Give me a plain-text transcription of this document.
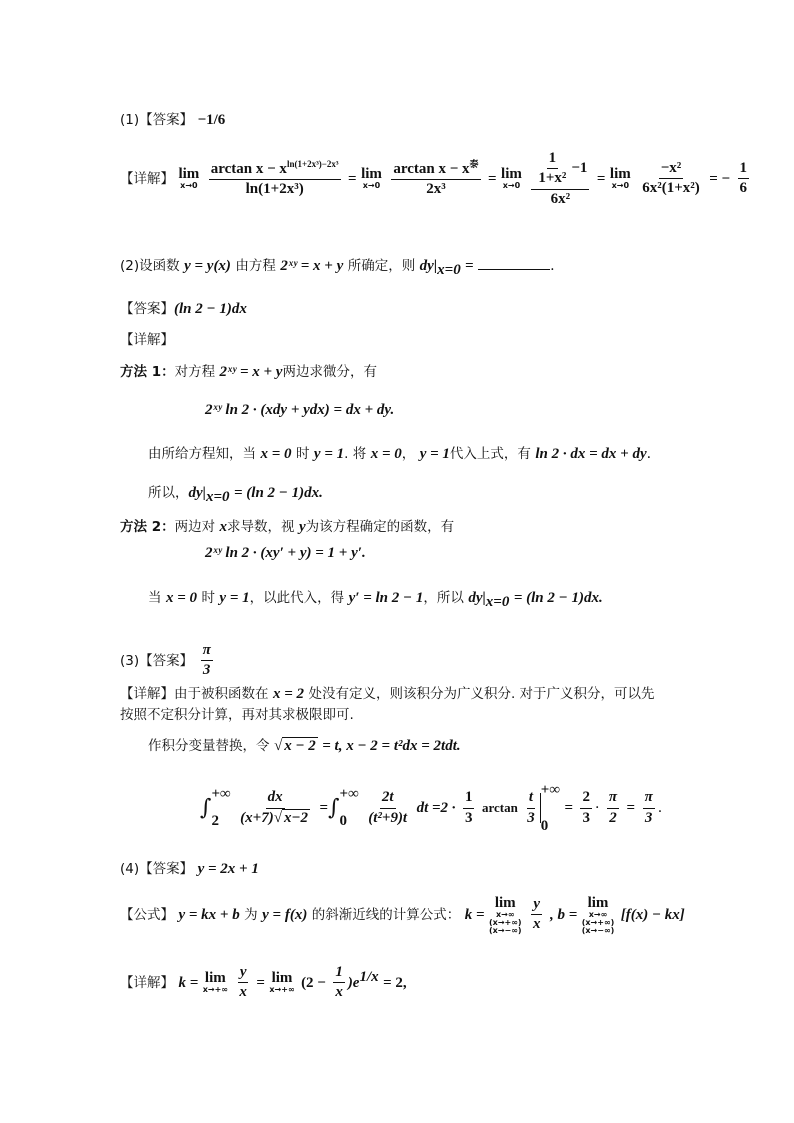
(1)【答案】 −1/6
【详解】 lim
x→0
$\frac{\arctan x - x^{ln(1+2x^3)-2x^3}}{\text{ln(1+2x³)}} = \lim$
x→0
$\frac{\arctan x - x^泰}{\text{2x³}} = \lim$
x→0
$\frac{\frac{1}{\text{1+x²}} -1}{\text{6x²}} = \lim$
x→0
$\frac{\text{−x²}}{\text{6x²(1+x²)}}$ = − $\frac{1}{6}$
(2)设函数 y = y(x) 由方程 2ˣʸ = x + y 所确定，则 $dy|_{x=0}$ =	.
【答案】(ln 2 − 1)dx
【详解】
方法 1：对方程 2ˣʸ = x + y两边求微分，有
2ˣʸ ln 2 · (xdy + ydx) = dx + dy.
由所给方程知，当 x = 0 时 y = 1. 将 x = 0， y = 1代入上式，有 ln 2 · dx = dx + dy.
所以，$dy|_{x=0} = (\ln$ 2 − 1)dx.
方法 2：两边对 x求导数，视 y为该方程确定的函数，有
2ˣʸ ln 2 · (xy′ + y) = 1 + y′.
当 x = 0 时 y = 1，以此代入，得 y′ = ln 2 − 1，所以 $dy|_{x=0} = (\ln$ 2 − 1)dx.
(3)【答案】 $\frac{\pi}{3}$
【详解】由于被积函数在 x = 2 处没有定义，则该积分为广义积分. 对于广义积分，可以先
按照不定积分计算，再对其求极限即可.
作积分变量替换，令 √ x − 2 = t, x − 2 = t²dx = 2tdt.
∫
+∞
2
	$\frac{dx}{(x+7)√ x-2}$ =∫
+∞
0
	$\frac{2t}{\text{(t²+9)t}}$ dt $=2 \cdot \frac{1}{3}$ $\arctan \frac{t}{3}$ +∞
0
= $\frac{2}{3} \cdot \frac{\pi}{2} = \frac{\pi}{3}$ .
(4)【答案】 y = 2x + 1
【公式】 y = kx + b 为 y = f(x) 的斜渐近线的计算公式： k =
lim
x→∞
(x→+∞)
(x→−∞)
$\frac{y}{x}$ , b =
lim
x→∞
(x→+∞)
(x→−∞)
[f(x) − kx]
【详解】 k = lim
x→+∞
$\frac{y}{x} = \lim$
x→+∞ $(2 - \frac{1}{x} )e^{1/x} = 2$,
